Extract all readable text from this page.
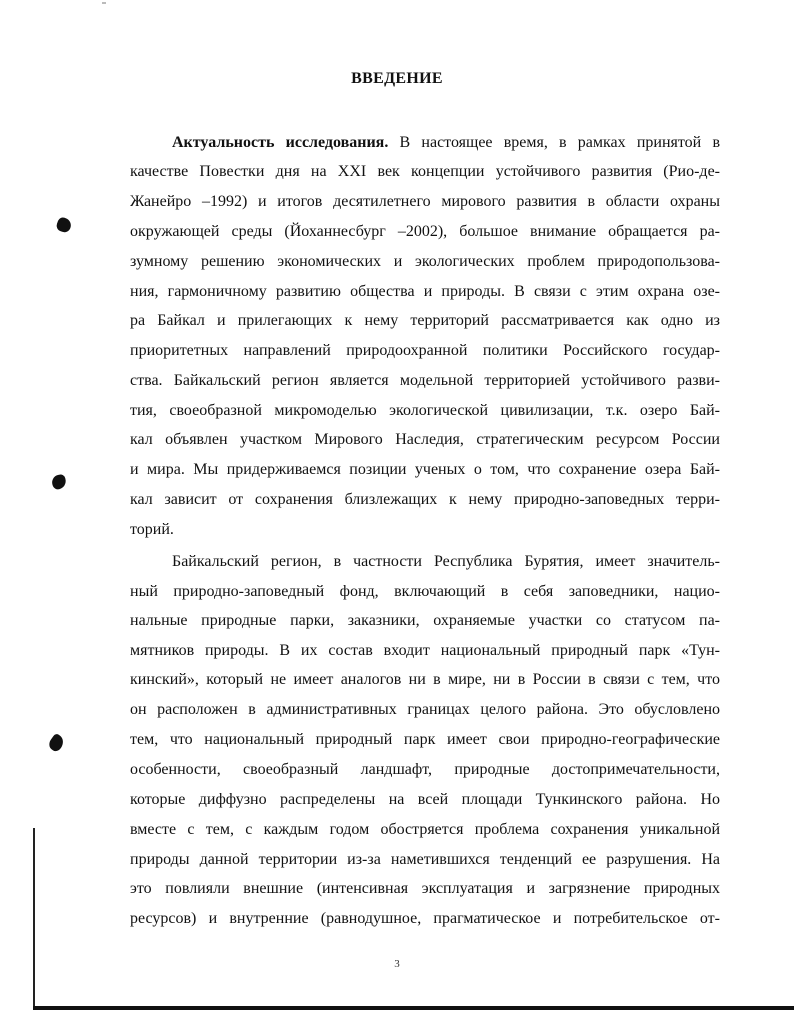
ВВЕДЕНИЕ
Актуальность исследования. В настоящее время, в рамках принятой в
качестве Повестки дня на XXI век концепции устойчивого развития (Рио-де-
Жанейро –1992) и итогов десятилетнего мирового развития в области охраны
окружающей среды (Йоханнесбург –2002), большое внимание обращается ра-
зумному решению экономических и экологических проблем природопользова-
ния, гармоничному развитию общества и природы. В связи с этим охрана озе-
ра Байкал и прилегающих к нему территорий рассматривается как одно из
приоритетных направлений природоохранной политики Российского государ-
ства. Байкальский регион является модельной территорией устойчивого разви-
тия, своеобразной микромоделью экологической цивилизации, т.к. озеро Бай-
кал объявлен участком Мирового Наследия, стратегическим ресурсом России
и мира. Мы придерживаемся позиции ученых о том, что сохранение озера Бай-
кал зависит от сохранения близлежащих к нему природно-заповедных терри-
торий.
Байкальский регион, в частности Республика Бурятия, имеет значитель-
ный природно-заповедный фонд, включающий в себя заповедники, нацио-
нальные природные парки, заказники, охраняемые участки со статусом па-
мятников природы. В их состав входит национальный природный парк «Тун-
кинский», который не имеет аналогов ни в мире, ни в России в связи с тем, что
он расположен в административных границах целого района. Это обусловлено
тем, что национальный природный парк имеет свои природно-географические
особенности, своеобразный ландшафт, природные достопримечательности,
которые диффузно распределены на всей площади Тункинского района. Но
вместе с тем, с каждым годом обостряется проблема сохранения уникальной
природы данной территории из-за наметившихся тенденций ее разрушения. На
это повлияли внешние (интенсивная эксплуатация и загрязнение природных
ресурсов) и внутренние (равнодушное, прагматическое и потребительское от-
3
